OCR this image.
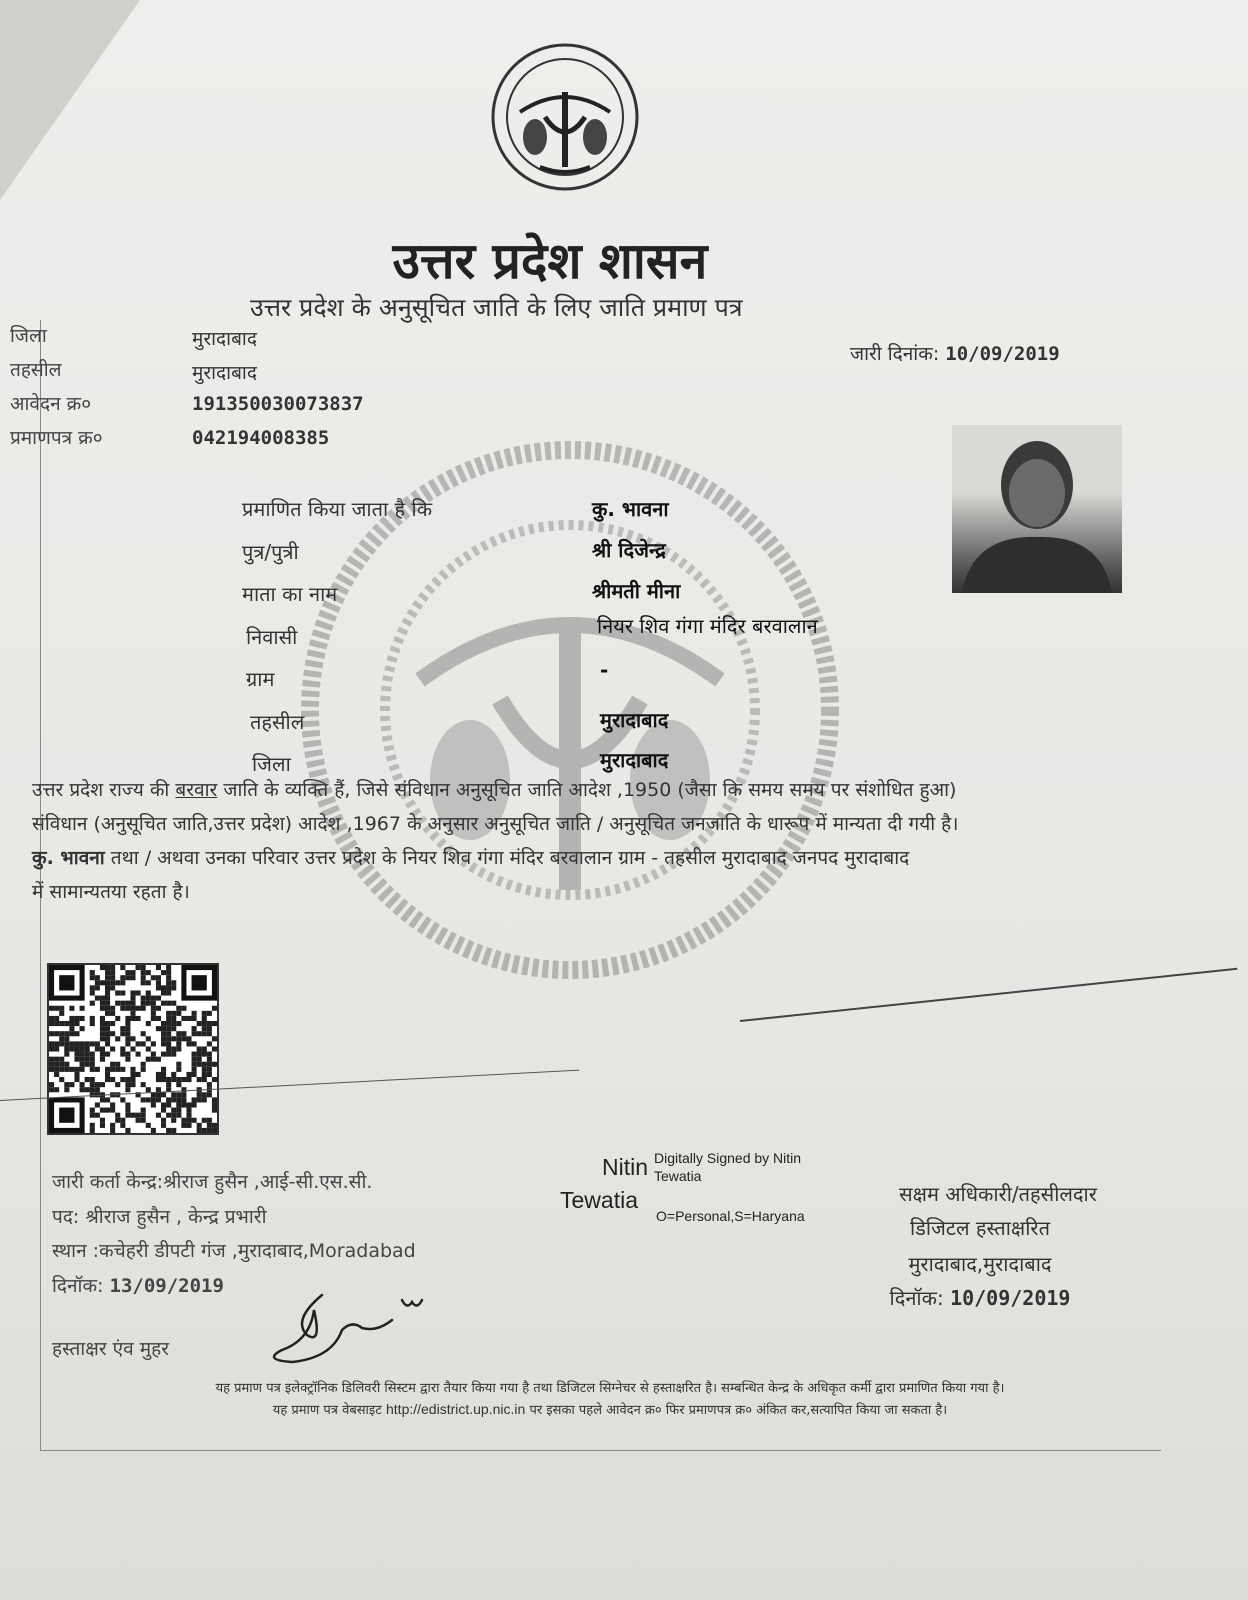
उत्तर प्रदेश शासन
उत्तर प्रदेश के अनुसूचित जाति के लिए जाति प्रमाण पत्र
जारी दिनांक: 10/09/2019
जिला	मुरादाबाद
तहसील	मुरादाबाद
आवेदन क्र०	191350030073837
प्रमाणपत्र क्र०	042194008385
प्रमाणित किया जाता है कि	कु. भावना
पुत्र/पुत्री	श्री दिजेन्द्र
माता का नाम	श्रीमती मीना
निवासी	नियर शिव गंगा मंदिर बरवालान
ग्राम	-
तहसील	मुरादाबाद
जिला	मुरादाबाद
उत्तर प्रदेश राज्य की बरवार जाति के व्यक्ति हैं, जिसे संविधान अनुसूचित जाति आदेश ,1950 (जैसा कि समय समय पर संशोधित हुआ)
संविधान (अनुसूचित जाति,उत्तर प्रदेश) आदेश ,1967 के अनुसार अनुसूचित जाति / अनुसूचित जनजाति के धारूप में मान्यता दी गयी है।
कु. भावना तथा / अथवा उनका परिवार उत्तर प्रदेश के नियर शिव गंगा मंदिर बरवालान ग्राम - तहसील मुरादाबाद जनपद मुरादाबाद
में सामान्यतया रहता है।
जारी कर्ता केन्द्र:श्रीराज हुसैन ,आई-सी.एस.सी.
पद: श्रीराज हुसैन , केन्द्र प्रभारी
स्थान :कचेहरी डीपटी गंज ,मुरादाबाद,Moradabad
दिनॉक: 13/09/2019
हस्ताक्षर एंव मुहर
Nitin
Tewatia
Digitally Signed by Nitin
Tewatia
O=Personal,S=Haryana
सक्षम अधिकारी/तहसीलदार
डिजिटल हस्ताक्षरित
मुरादाबाद,मुरादाबाद
दिनॉक: 10/09/2019
यह प्रमाण पत्र इलेक्ट्रॉनिक डिलिवरी सिस्टम द्वारा तैयार किया गया है तथा डिजिटल सिग्नेचर से हस्ताक्षरित है। सम्बन्धित केन्द्र के अधिकृत कर्मी द्वारा प्रमाणित किया गया है।
यह प्रमाण पत्र वेबसाइट http://edistrict.up.nic.in पर इसका पहले आवेदन क्र० फिर प्रमाणपत्र क्र० अंकित कर,सत्यापित किया जा सकता है।
